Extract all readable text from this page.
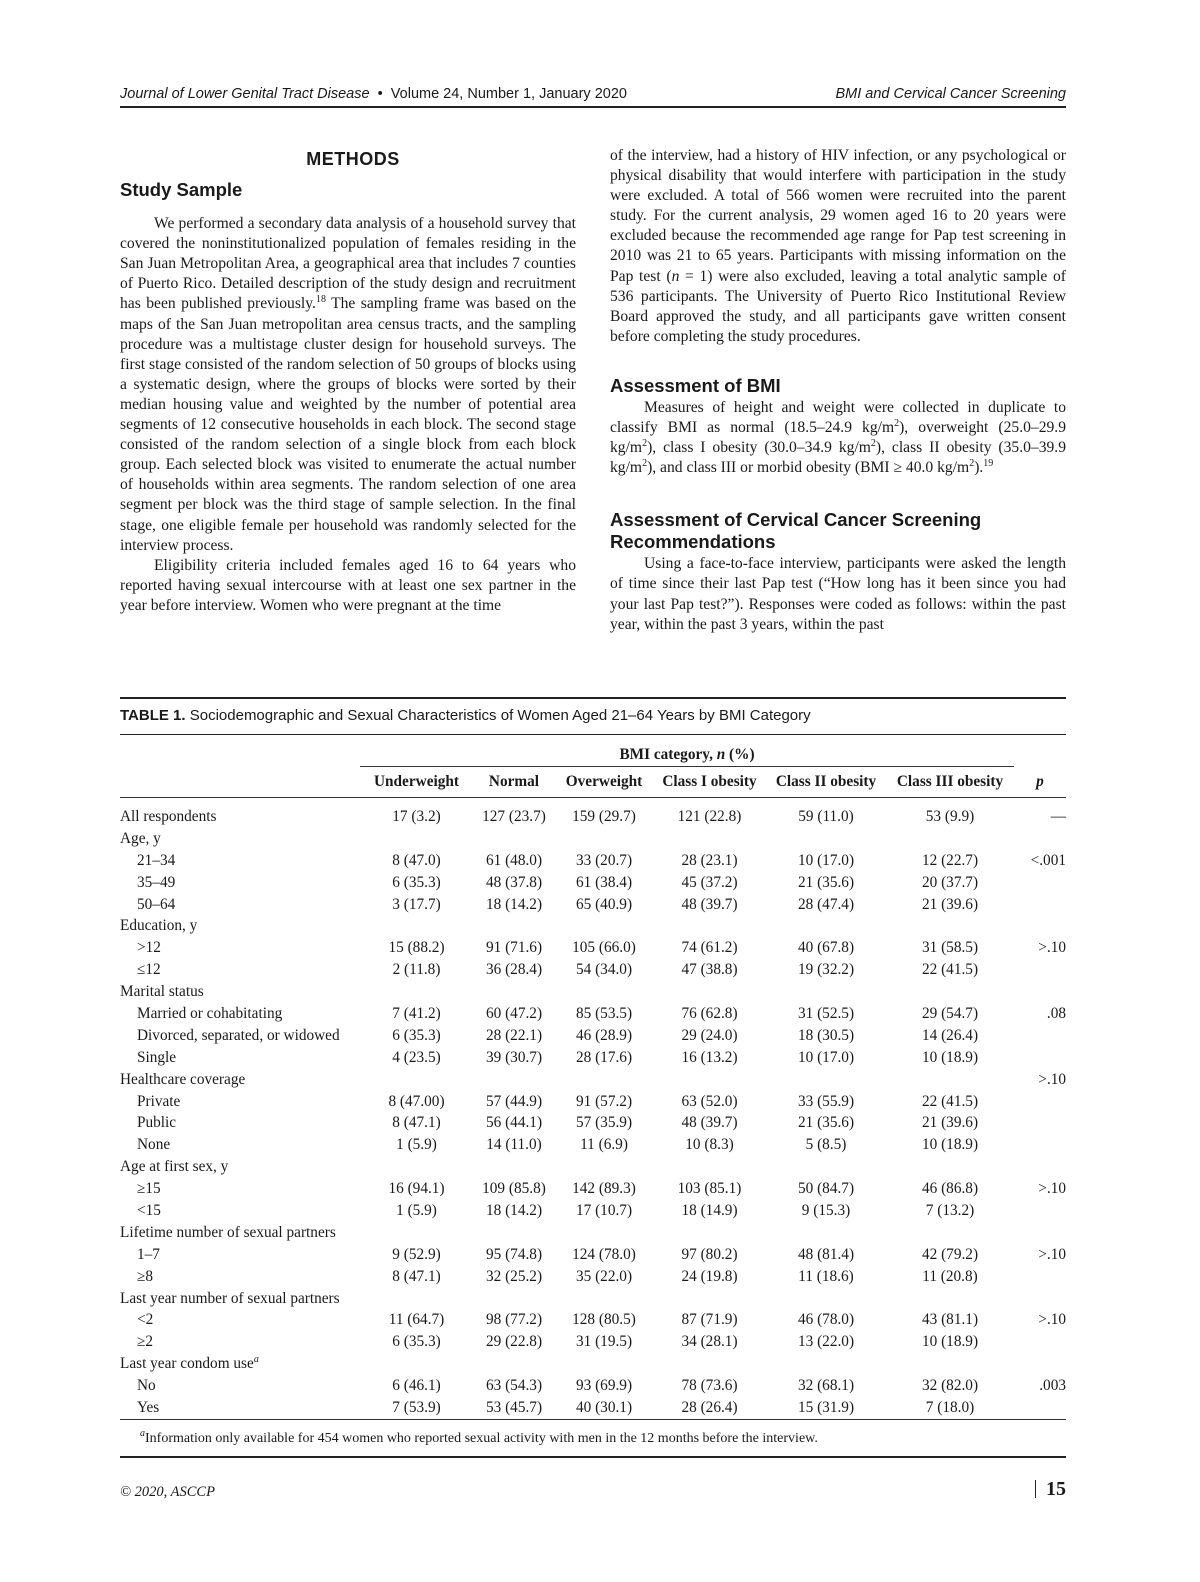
Journal of Lower Genital Tract Disease • Volume 24, Number 1, January 2020	BMI and Cervical Cancer Screening
METHODS
Study Sample

We performed a secondary data analysis of a household survey that covered the noninstitutionalized population of females residing in the San Juan Metropolitan Area, a geographical area that includes 7 counties of Puerto Rico. Detailed description of the study design and recruitment has been published previously.$^{18}$ The sampling frame was based on the maps of the San Juan metropolitan area census tracts, and the sampling procedure was a multistage cluster design for household surveys. The first stage consisted of the random selection of 50 groups of blocks using a systematic design, where the groups of blocks were sorted by their median housing value and weighted by the number of potential area segments of 12 consecutive households in each block. The second stage consisted of the random selection of a single block from each block group. Each selected block was visited to enumerate the actual number of households within area segments. The random selection of one area segment per block was the third stage of sample selection. In the final stage, one eligible female per household was randomly selected for the interview process.

Eligibility criteria included females aged 16 to 64 years who reported having sexual intercourse with at least one sex partner in the year before interview. Women who were pregnant at the time

of the interview, had a history of HIV infection, or any psychological or physical disability that would interfere with participation in the study were excluded. A total of 566 women were recruited into the parent study. For the current analysis, 29 women aged 16 to 20 years were excluded because the recommended age range for Pap test screening in 2010 was 21 to 65 years. Participants with missing information on the Pap test (n = 1) were also excluded, leaving a total analytic sample of 536 participants. The University of Puerto Rico Institutional Review Board approved the study, and all participants gave written consent before completing the study procedures.

Assessment of BMI

Measures of height and weight were collected in duplicate to classify BMI as normal (18.5–24.9 $kg/m^2$), overweight (25.0–29.9 $kg/m^2$), class I obesity (30.0–34.9 $kg/m^2$), class II obesity (35.0–39.9 $kg/m^2$), and class III or morbid obesity (BMI ≥ 40.0 $kg/m^2).^{19}$

Assessment of Cervical Cancer Screening Recommendations

Using a face-to-face interview, participants were asked the length of time since their last Pap test (“How long has it been since you had your last Pap test?”). Responses were coded as follows: within the past year, within the past 3 years, within the past

TABLE 1. Sociodemographic and Sexual Characteristics of Women Aged 21–64 Years by BMI Category
	BMI category, n (%)						
	Underweight	Normal	Overweight	Class I obesity	Class II obesity	Class III obesity	p

All respondents	17 (3.2)	127 (23.7)	159 (29.7)	121 (22.8)	59 (11.0)	53 (9.9)	—
Age, y							
21–34	8 (47.0)	61 (48.0)	33 (20.7)	28 (23.1)	10 (17.0)	12 (22.7)	<.001
35–49	6 (35.3)	48 (37.8)	61 (38.4)	45 (37.2)	21 (35.6)	20 (37.7)	
50–64	3 (17.7)	18 (14.2)	65 (40.9)	48 (39.7)	28 (47.4)	21 (39.6)	
Education, y							
>12	15 (88.2)	91 (71.6)	105 (66.0)	74 (61.2)	40 (67.8)	31 (58.5)	>.10
≤12	2 (11.8)	36 (28.4)	54 (34.0)	47 (38.8)	19 (32.2)	22 (41.5)	
Marital status							
Married or cohabitating	7 (41.2)	60 (47.2)	85 (53.5)	76 (62.8)	31 (52.5)	29 (54.7)	.08
Divorced, separated, or widowed	6 (35.3)	28 (22.1)	46 (28.9)	29 (24.0)	18 (30.5)	14 (26.4)	
Single	4 (23.5)	39 (30.7)	28 (17.6)	16 (13.2)	10 (17.0)	10 (18.9)	
Healthcare coverage							>.10
Private	8 (47.00)	57 (44.9)	91 (57.2)	63 (52.0)	33 (55.9)	22 (41.5)	
Public	8 (47.1)	56 (44.1)	57 (35.9)	48 (39.7)	21 (35.6)	21 (39.6)	
None	1 (5.9)	14 (11.0)	11 (6.9)	10 (8.3)	5 (8.5)	10 (18.9)	
Age at first sex, y							
≥15	16 (94.1)	109 (85.8)	142 (89.3)	103 (85.1)	50 (84.7)	46 (86.8)	>.10
<15	1 (5.9)	18 (14.2)	17 (10.7)	18 (14.9)	9 (15.3)	7 (13.2)	
Lifetime number of sexual partners							
1–7	9 (52.9)	95 (74.8)	124 (78.0)	97 (80.2)	48 (81.4)	42 (79.2)	>.10
≥8	8 (47.1)	32 (25.2)	35 (22.0)	24 (19.8)	11 (18.6)	11 (20.8)	
Last year number of sexual partners							
<2	11 (64.7)	98 (77.2)	128 (80.5)	87 (71.9)	46 (78.0)	43 (81.1)	>.10
≥2	6 (35.3)	29 (22.8)	31 (19.5)	34 (28.1)	13 (22.0)	10 (18.9)	
Last year condom use$^a$							
No	6 (46.1)	63 (54.3)	93 (69.9)	78 (73.6)	32 (68.1)	32 (82.0)	.003
Yes	7 (53.9)	53 (45.7)	40 (30.1)	28 (26.4)	15 (31.9)	7 (18.0)	
$^a$Information only available for 454 women who reported sexual activity with men in the 12 months before the interview.
© 2020, ASCCP	15
